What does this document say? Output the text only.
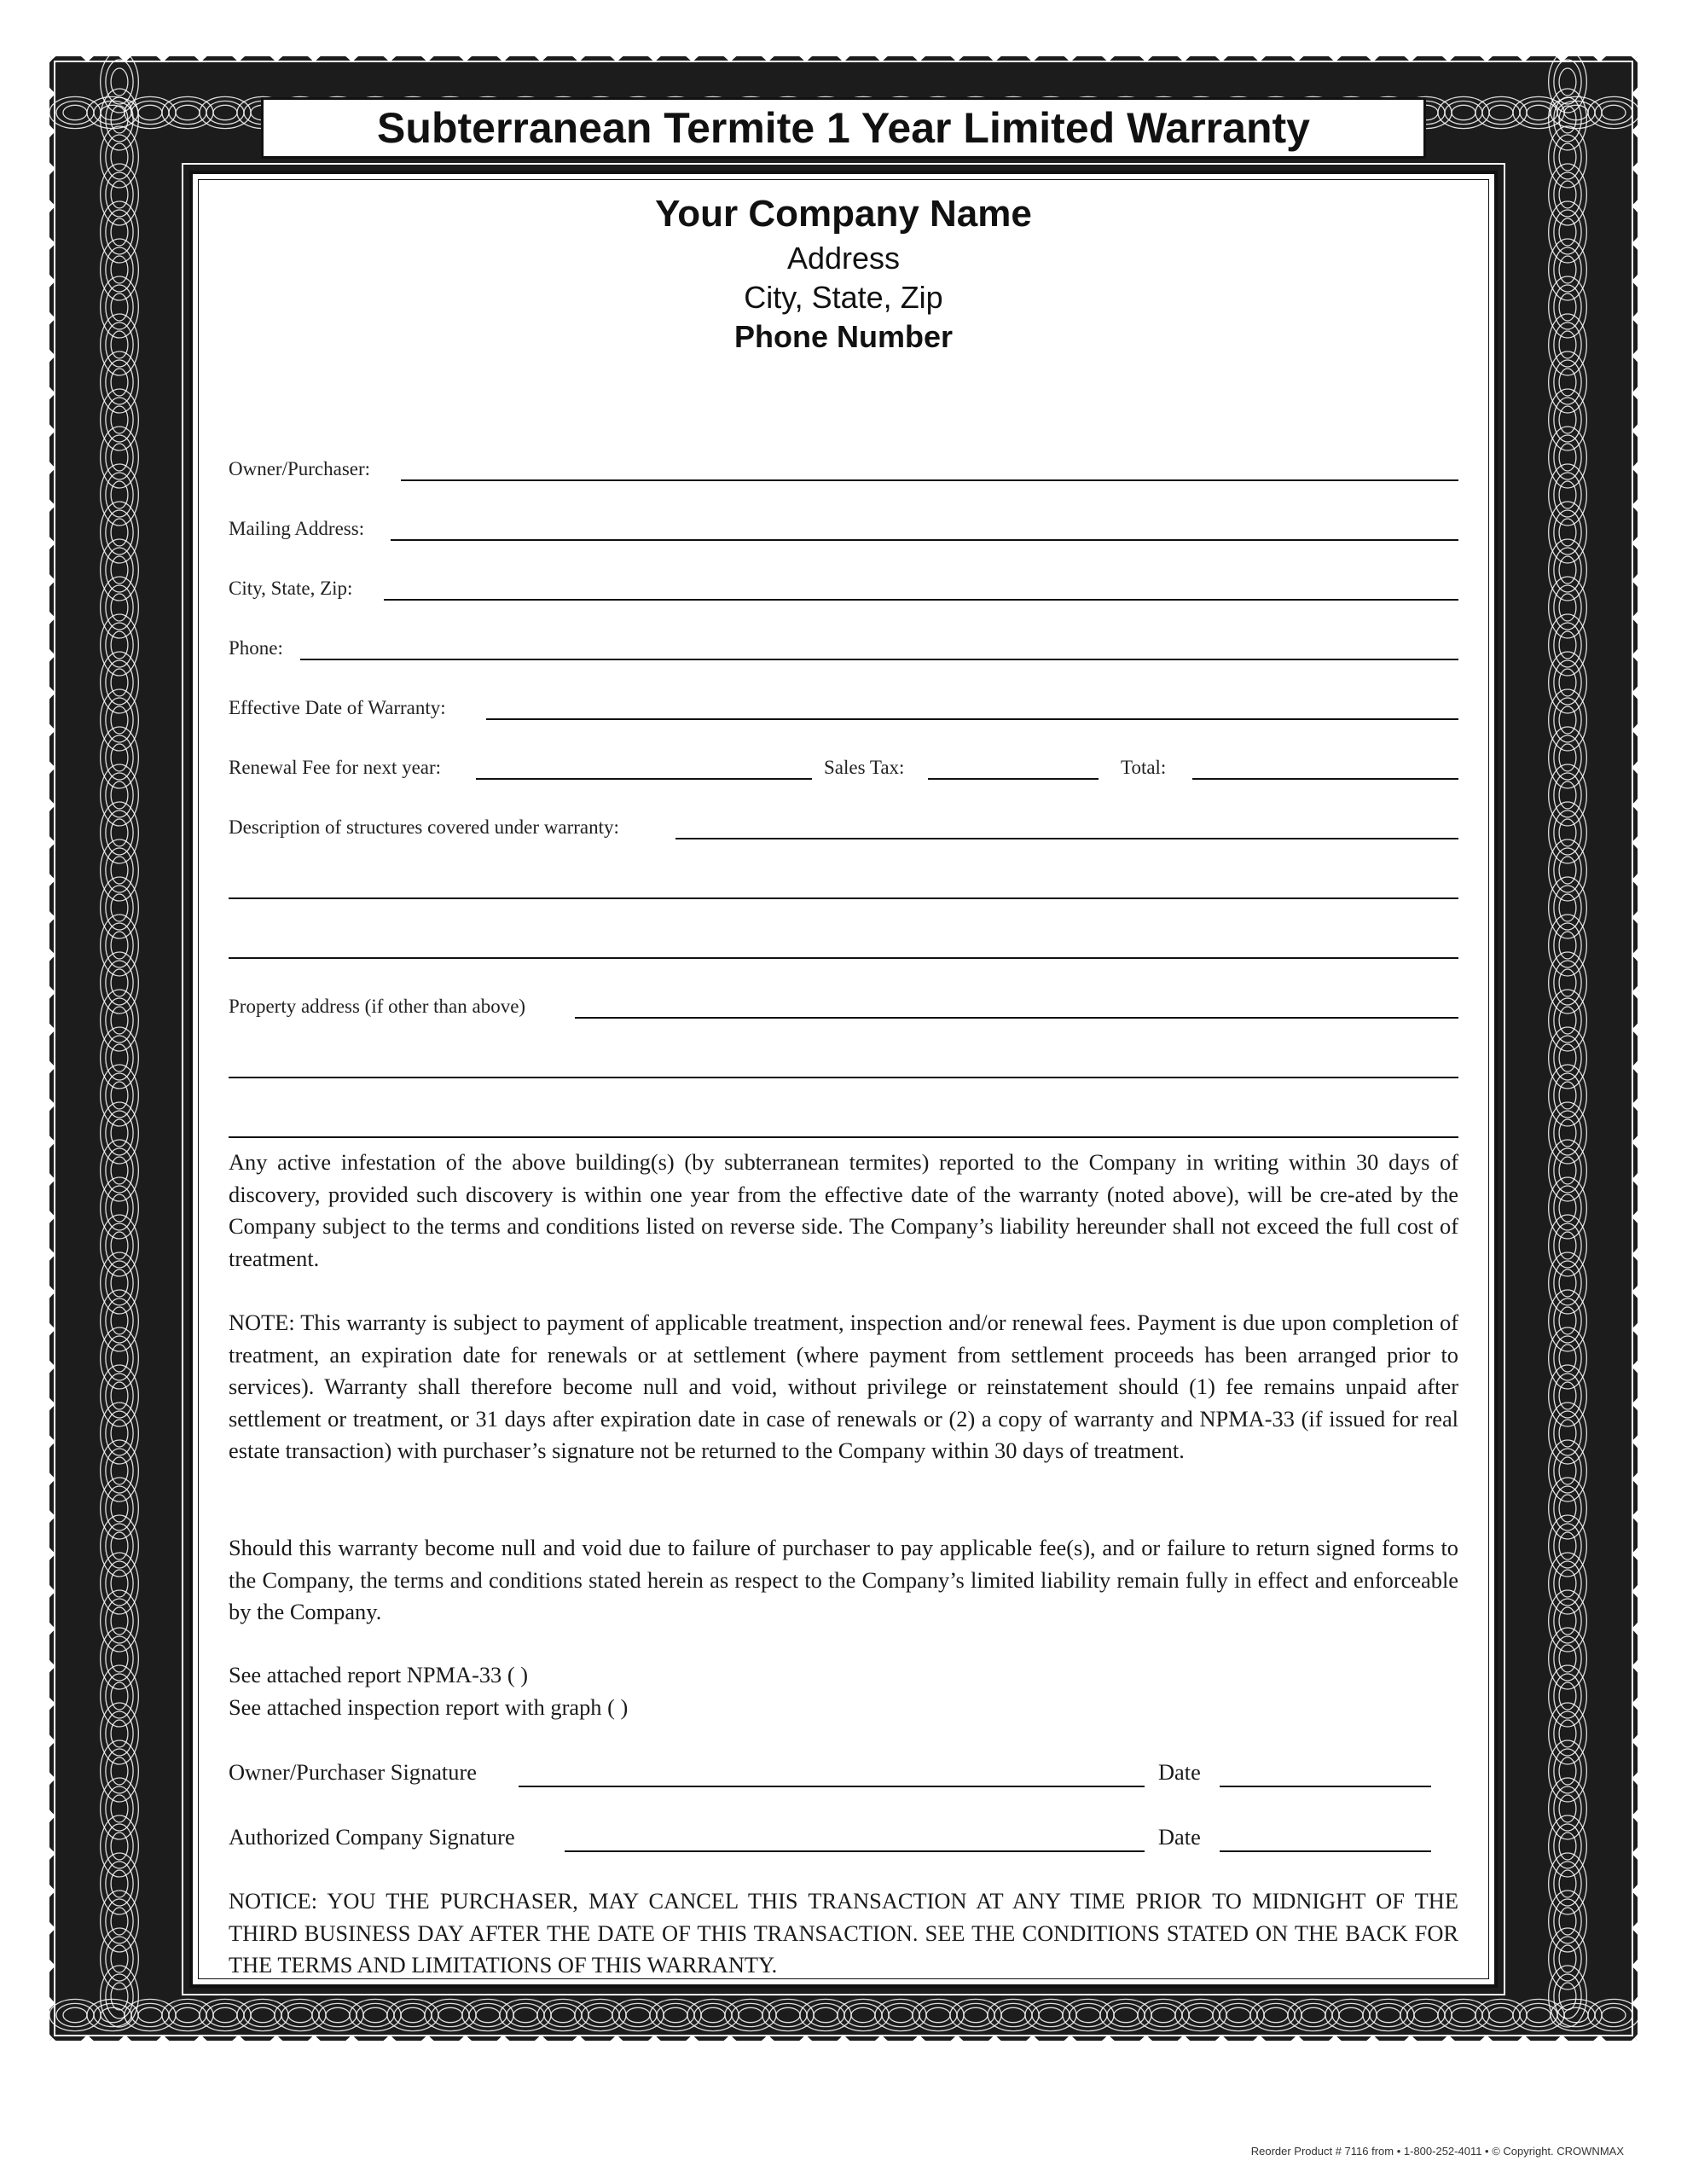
Subterranean Termite 1 Year Limited Warranty
Your Company Name
Address
City, State, Zip
Phone Number
Owner/Purchaser:
Mailing Address:
City, State, Zip:
Phone:
Effective Date of Warranty:
Renewal Fee for next year:	Sales Tax:	Total:
Description of structures covered under warranty:
Property address (if other than above)

Any active infestation of the above building(s) (by subterranean termites) reported to the Company in writing within 30 days of discovery, provided such discovery is within one year from the effective date of the warranty (noted above), will be cre-ated by the Company subject to the terms and conditions listed on reverse side. The Company’s liability hereunder shall not exceed the full cost of treatment.

NOTE: This warranty is subject to payment of applicable treatment, inspection and/or renewal fees. Payment is due upon completion of treatment, an expiration date for renewals or at settlement (where payment from settlement proceeds has been arranged prior to services). Warranty shall therefore become null and void, without privilege or reinstatement should (1) fee remains unpaid after settlement or treatment, or 31 days after expiration date in case of renewals or (2) a copy of warranty and NPMA-33 (if issued for real estate transaction) with purchaser’s signature not be returned to the Company within 30 days of treatment.

Should this warranty become null and void due to failure of purchaser to pay applicable fee(s), and or failure to return signed forms to the Company, the terms and conditions stated herein as respect to the Company’s limited liability remain fully in effect and enforceable by the Company.

See attached report NPMA-33 ( )
See attached inspection report with graph ( )
Owner/Purchaser Signature	Date
Authorized Company Signature	Date

NOTICE: YOU THE PURCHASER, MAY CANCEL THIS TRANSACTION AT ANY TIME PRIOR TO MIDNIGHT OF THE THIRD BUSINESS DAY AFTER THE DATE OF THIS TRANSACTION. SEE THE CONDITIONS STATED ON THE BACK FOR THE TERMS AND LIMITATIONS OF THIS WARRANTY.

Reorder Product # 7116 from • 1-800-252-4011 • © Copyright. CROWNMAX
